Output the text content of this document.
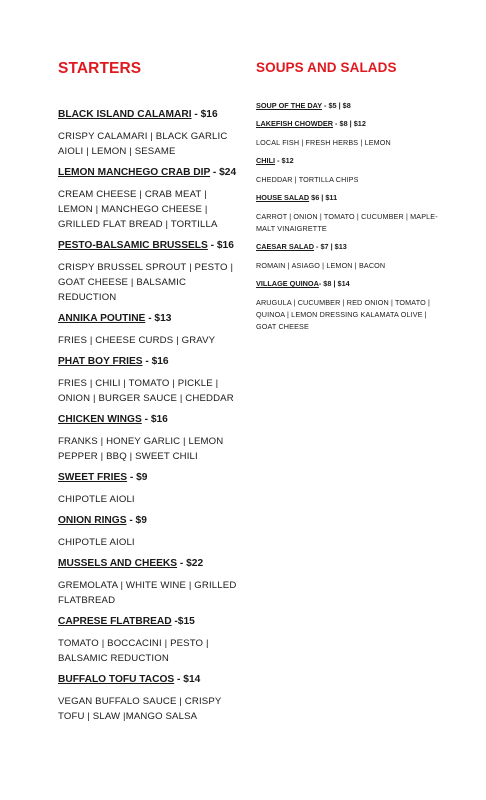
STARTERS
BLACK ISLAND CALAMARI - $16
CRISPY CALAMARI | BLACK GARLIC AIOLI | LEMON | SESAME
LEMON MANCHEGO CRAB DIP - $24
CREAM CHEESE | CRAB MEAT | LEMON | MANCHEGO CHEESE | GRILLED FLAT BREAD | TORTILLA
PESTO-BALSAMIC BRUSSELS - $16
CRISPY BRUSSEL SPROUT | PESTO | GOAT CHEESE | BALSAMIC REDUCTION
ANNIKA POUTINE - $13
FRIES | CHEESE CURDS | GRAVY
PHAT BOY FRIES - $16
FRIES | CHILI | TOMATO | PICKLE | ONION | BURGER SAUCE | CHEDDAR
CHICKEN WINGS - $16
FRANKS | HONEY GARLIC | LEMON PEPPER | BBQ | SWEET CHILI
SWEET FRIES - $9
CHIPOTLE AIOLI
ONION RINGS - $9
CHIPOTLE AIOLI
MUSSELS AND CHEEKS - $22
GREMOLATA | WHITE WINE | GRILLED FLATBREAD
CAPRESE FLATBREAD -$15
TOMATO | BOCCACINI | PESTO | BALSAMIC REDUCTION
BUFFALO TOFU TACOS - $14
VEGAN BUFFALO SAUCE | CRISPY TOFU | SLAW |MANGO SALSA
SOUPS AND SALADS
SOUP OF THE DAY - $5 | $8
LAKEFISH CHOWDER - $8 | $12
LOCAL FISH | FRESH HERBS | LEMON
CHILI - $12
CHEDDAR | TORTILLA CHIPS
HOUSE SALAD $6 | $11
CARROT | ONION | TOMATO | CUCUMBER | MAPLE-MALT VINAIGRETTE
CAESAR SALAD - $7 | $13
ROMAIN | ASIAGO | LEMON | BACON
VILLAGE QUINOA- $8 | $14
ARUGULA | CUCUMBER | RED ONION | TOMATO | QUINOA | LEMON DRESSING KALAMATA OLIVE | GOAT CHEESE
